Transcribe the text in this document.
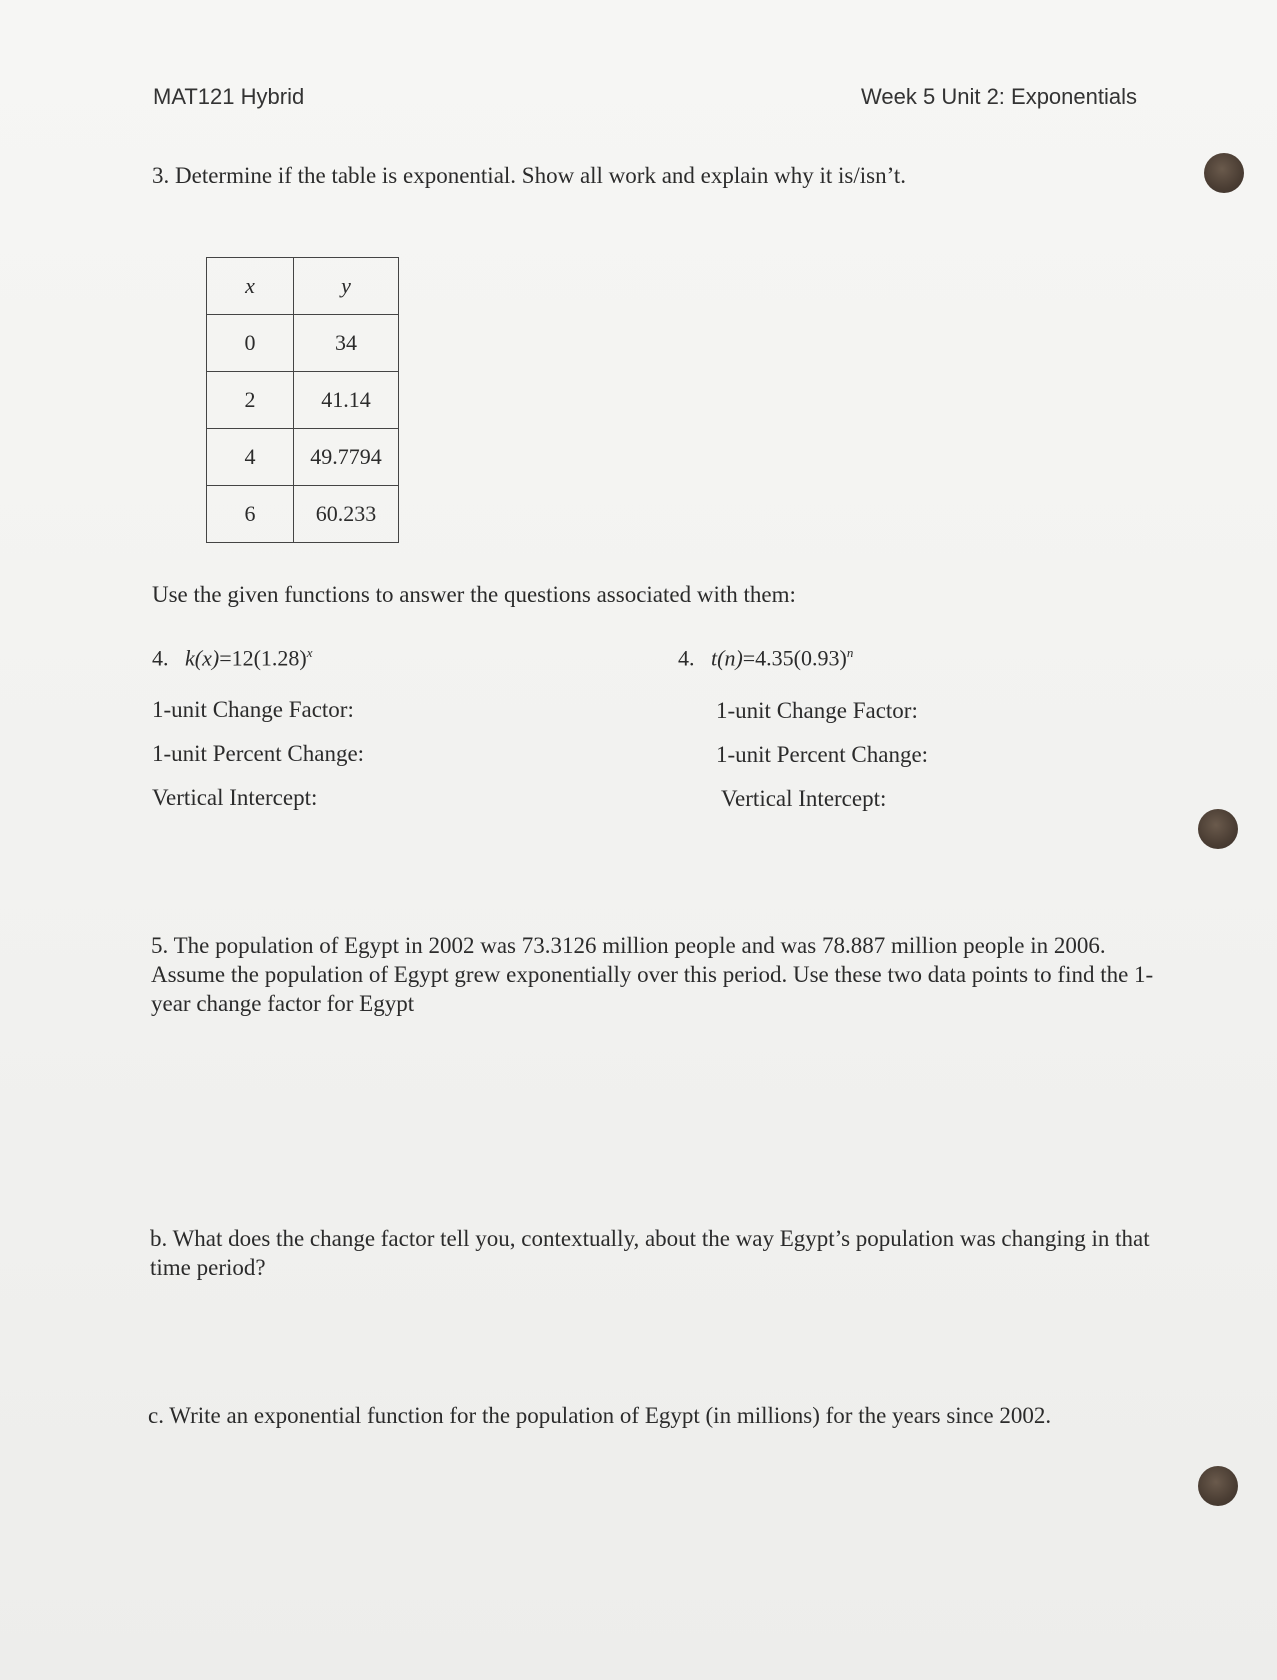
MAT121 Hybrid	Week 5 Unit 2: Exponentials
3. Determine if the table is exponential. Show all work and explain why it is/isn’t.
x	y
0	34
2	41.14
4	49.7794
6	60.233
Use the given functions to answer the questions associated with them:
4. $k(x)=12(1.28)^x$	4. $t(n)=4.35(0.93)^n$
1-unit Change Factor:
1-unit Percent Change:
Vertical Intercept:
1-unit Change Factor:
1-unit Percent Change:
Vertical Intercept:
5. The population of Egypt in 2002 was 73.3126 million people and was 78.887 million people in 2006. Assume the population of Egypt grew exponentially over this period. Use these two data points to find the 1-year change factor for Egypt
b. What does the change factor tell you, contextually, about the way Egypt’s population was changing in that time period?
c. Write an exponential function for the population of Egypt (in millions) for the years since 2002.
